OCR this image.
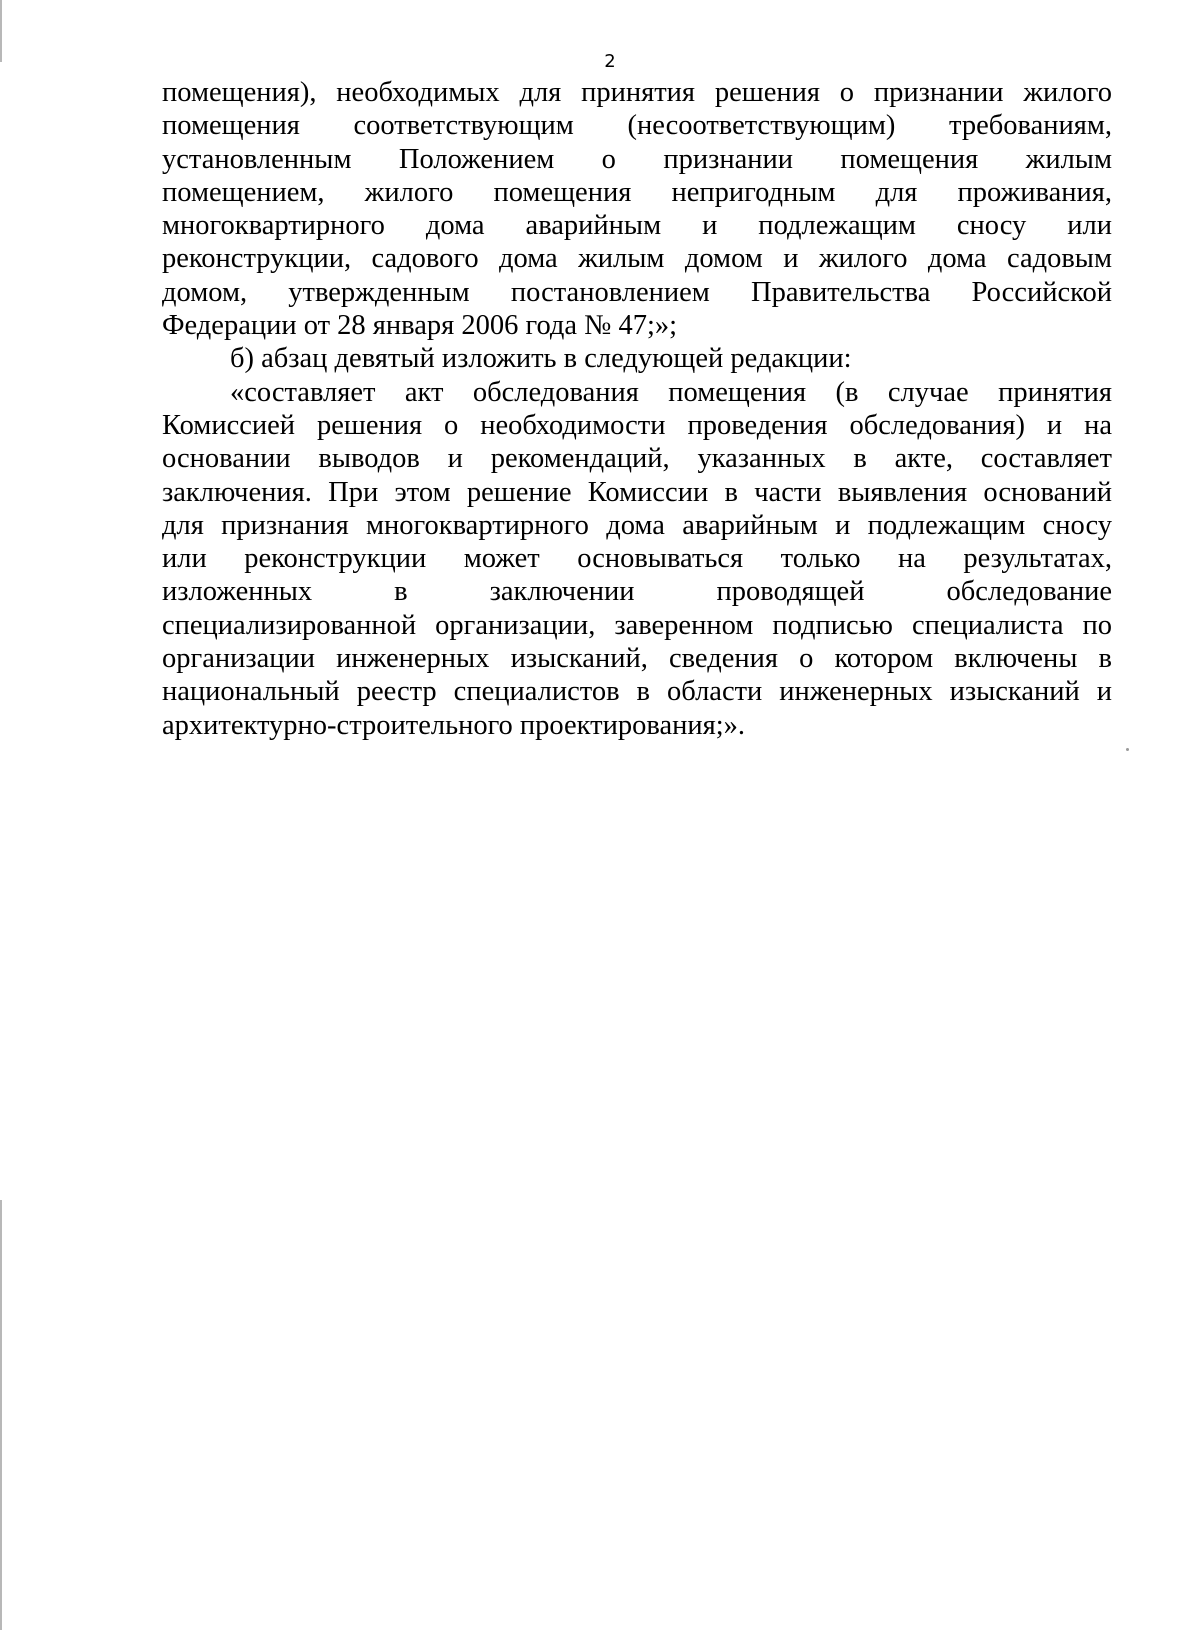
2
помещения), необходимых для принятия решения о признании жилого
помещения соответствующим (несоответствующим) требованиям,
установленным Положением о признании помещения жилым
помещением, жилого помещения непригодным для проживания,
многоквартирного дома аварийным и подлежащим сносу или
реконструкции, садового дома жилым домом и жилого дома садовым
домом, утвержденным постановлением Правительства Российской
Федерации от 28 января 2006 года № 47;»;
б) абзац девятый изложить в следующей редакции:
«составляет акт обследования помещения (в случае принятия
Комиссией решения о необходимости проведения обследования) и на
основании выводов и рекомендаций, указанных в акте, составляет
заключения. При этом решение Комиссии в части выявления оснований
для признания многоквартирного дома аварийным и подлежащим сносу
или реконструкции может основываться только на результатах,
изложенных в заключении проводящей обследование
специализированной организации, заверенном подписью специалиста по
организации инженерных изысканий, сведения о котором включены в
национальный реестр специалистов в области инженерных изысканий и
архитектурно-строительного проектирования;».
